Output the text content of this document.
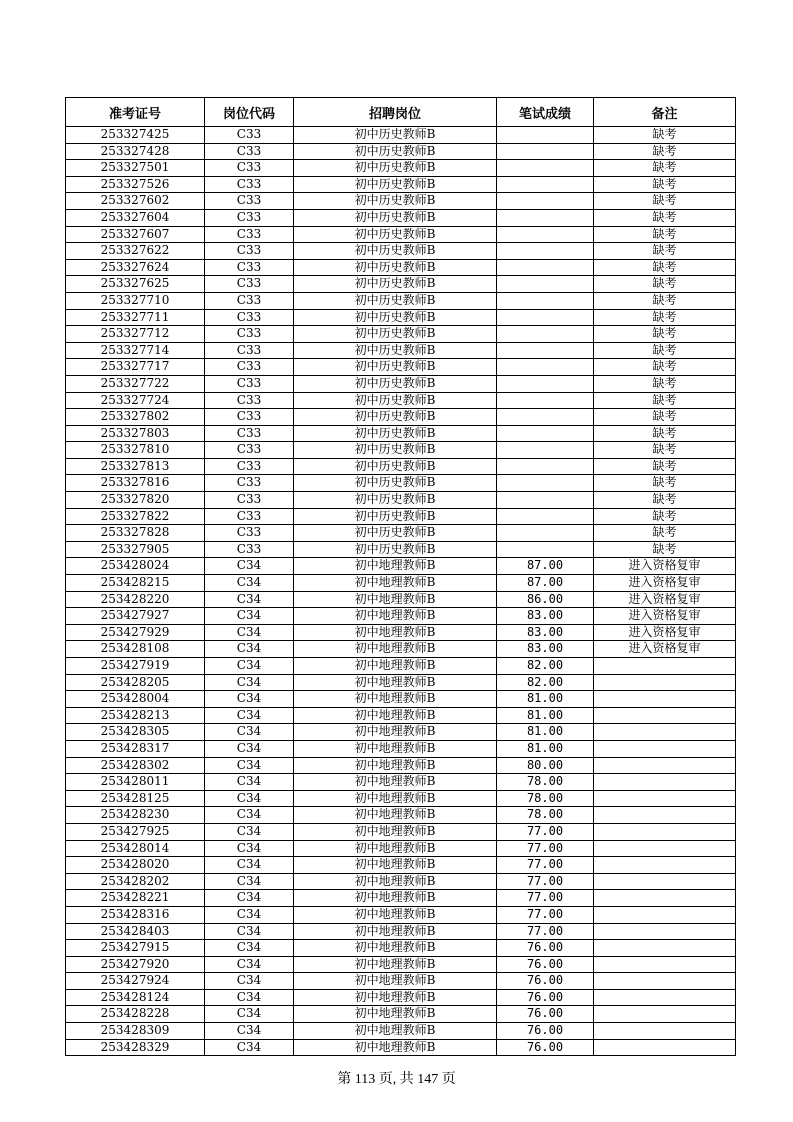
准考证号	岗位代码	招聘岗位	笔试成绩	备注
253327425	C33	初中历史教师B		缺考
253327428	C33	初中历史教师B		缺考
253327501	C33	初中历史教师B		缺考
253327526	C33	初中历史教师B		缺考
253327602	C33	初中历史教师B		缺考
253327604	C33	初中历史教师B		缺考
253327607	C33	初中历史教师B		缺考
253327622	C33	初中历史教师B		缺考
253327624	C33	初中历史教师B		缺考
253327625	C33	初中历史教师B		缺考
253327710	C33	初中历史教师B		缺考
253327711	C33	初中历史教师B		缺考
253327712	C33	初中历史教师B		缺考
253327714	C33	初中历史教师B		缺考
253327717	C33	初中历史教师B		缺考
253327722	C33	初中历史教师B		缺考
253327724	C33	初中历史教师B		缺考
253327802	C33	初中历史教师B		缺考
253327803	C33	初中历史教师B		缺考
253327810	C33	初中历史教师B		缺考
253327813	C33	初中历史教师B		缺考
253327816	C33	初中历史教师B		缺考
253327820	C33	初中历史教师B		缺考
253327822	C33	初中历史教师B		缺考
253327828	C33	初中历史教师B		缺考
253327905	C33	初中历史教师B		缺考
253428024	C34	初中地理教师B	87.00	进入资格复审
253428215	C34	初中地理教师B	87.00	进入资格复审
253428220	C34	初中地理教师B	86.00	进入资格复审
253427927	C34	初中地理教师B	83.00	进入资格复审
253427929	C34	初中地理教师B	83.00	进入资格复审
253428108	C34	初中地理教师B	83.00	进入资格复审
253427919	C34	初中地理教师B	82.00	
253428205	C34	初中地理教师B	82.00	
253428004	C34	初中地理教师B	81.00	
253428213	C34	初中地理教师B	81.00	
253428305	C34	初中地理教师B	81.00	
253428317	C34	初中地理教师B	81.00	
253428302	C34	初中地理教师B	80.00	
253428011	C34	初中地理教师B	78.00	
253428125	C34	初中地理教师B	78.00	
253428230	C34	初中地理教师B	78.00	
253427925	C34	初中地理教师B	77.00	
253428014	C34	初中地理教师B	77.00	
253428020	C34	初中地理教师B	77.00	
253428202	C34	初中地理教师B	77.00	
253428221	C34	初中地理教师B	77.00	
253428316	C34	初中地理教师B	77.00	
253428403	C34	初中地理教师B	77.00	
253427915	C34	初中地理教师B	76.00	
253427920	C34	初中地理教师B	76.00	
253427924	C34	初中地理教师B	76.00	
253428124	C34	初中地理教师B	76.00	
253428228	C34	初中地理教师B	76.00	
253428309	C34	初中地理教师B	76.00	
253428329	C34	初中地理教师B	76.00	
第 113 页, 共 147 页
